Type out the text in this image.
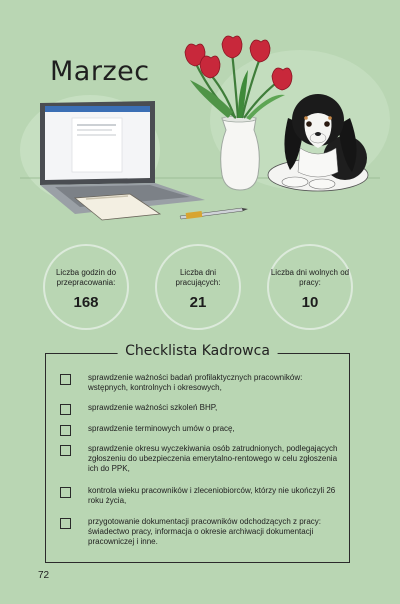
Marzec
Liczba godzin do przepracowania:
168
Liczba dni pracujących:
21
Liczba dni wolnych od pracy:
10
Checklista Kadrowca
sprawdzenie ważności badań profilaktycznych pracowników: wstępnych, kontrolnych i okresowych,
sprawdzenie ważności szkoleń BHP,
sprawdzenie terminowych umów o pracę,
sprawdzenie okresu wyczekiwania osób zatrudnionych, podlegających zgłoszeniu do ubezpieczenia emerytalno-rentowego w celu zgłoszenia ich do PPK,
kontrola wieku pracowników i zleceniobiorców, którzy nie ukończyli 26 roku życia,
przygotowanie dokumentacji pracowników odchodzących z pracy: świadectwo pracy, informacja o okresie archiwacji dokumentacji pracowniczej i inne.
72
